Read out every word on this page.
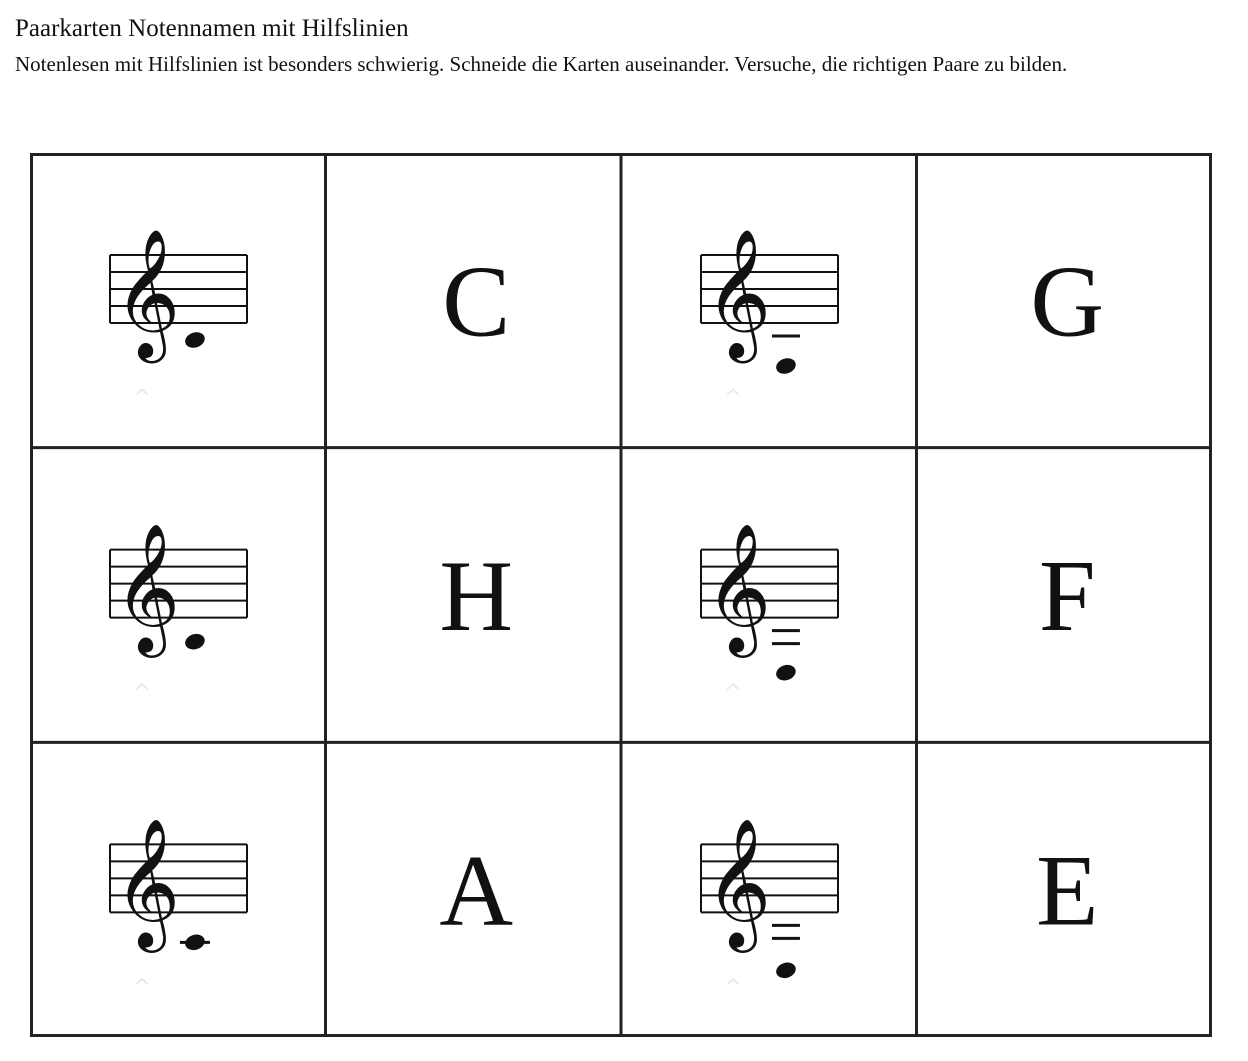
Paarkarten Notennamen mit Hilfslinien
Notenlesen mit Hilfslinien ist besonders schwierig. Schneide die Karten auseinander. Versuche, die richtigen Paare zu bilden.
𝄞
^
C 𝄞
^
G
𝄞
^
H 𝄞
^
F
𝄞
^
A 𝄞
^
E
